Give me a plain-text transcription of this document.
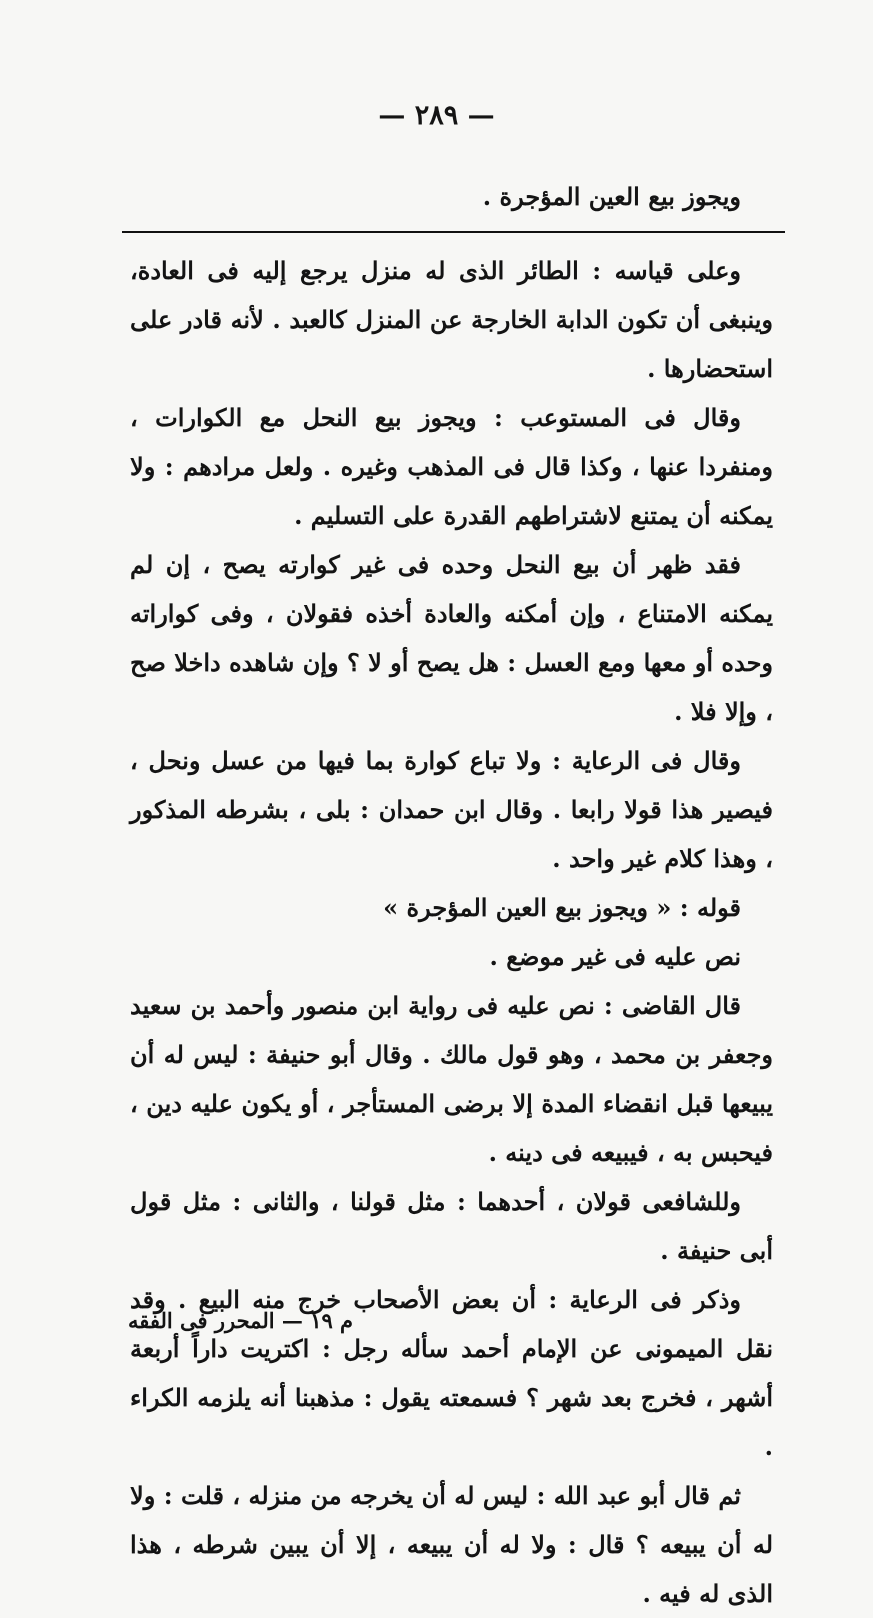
— ٢٨٩ —

ويجوز بيع العين المؤجرة .

وعلى قياسه : الطائر الذى له منزل يرجع إليه فى العادة، وينبغى أن تكون الدابة الخارجة عن المنزل كالعبد . لأنه قادر على استحضارها .

وقال فى المستوعب : ويجوز بيع النحل مع الكوارات ، ومنفردا عنها ، وكذا قال فى المذهب وغيره . ولعل مرادهم : ولا يمكنه أن يمتنع لاشتراطهم القدرة على التسليم .

فقد ظهر أن بيع النحل وحده فى غير كوارته يصح ، إن لم يمكنه الامتناع ، وإن أمكنه والعادة أخذه فقولان ، وفى كواراته وحده أو معها ومع العسل : هل يصح أو لا ؟ وإن شاهده داخلا صح ، وإلا فلا .

وقال فى الرعاية : ولا تباع كوارة بما فيها من عسل ونحل ، فيصير هذا قولا رابعا . وقال ابن حمدان : بلى ، بشرطه المذكور ، وهذا كلام غير واحد .

قوله : « ويجوز بيع العين المؤجرة »

نص عليه فى غير موضع .

قال القاضى : نص عليه فى رواية ابن منصور وأحمد بن سعيد وجعفر بن محمد ، وهو قول مالك . وقال أبو حنيفة : ليس له أن يبيعها قبل انقضاء المدة إلا برضى المستأجر ، أو يكون عليه دين ، فيحبس به ، فيبيعه فى دينه .

وللشافعى قولان ، أحدهما : مثل قولنا ، والثانى : مثل قول أبى حنيفة .

وذكر فى الرعاية : أن بعض الأصحاب خرج منه البيع . وقد نقل الميمونى عن الإمام أحمد سأله رجل : اكتريت داراً أربعة أشهر ، فخرج بعد شهر ؟ فسمعته يقول : مذهبنا أنه يلزمه الكراء .

ثم قال أبو عبد الله : ليس له أن يخرجه من منزله ، قلت : ولا له أن يبيعه ؟ قال : ولا له أن يبيعه ، إلا أن يبين شرطه ، هذا الذى له فيه .

م ١٩ — المحرر فى الفقه
